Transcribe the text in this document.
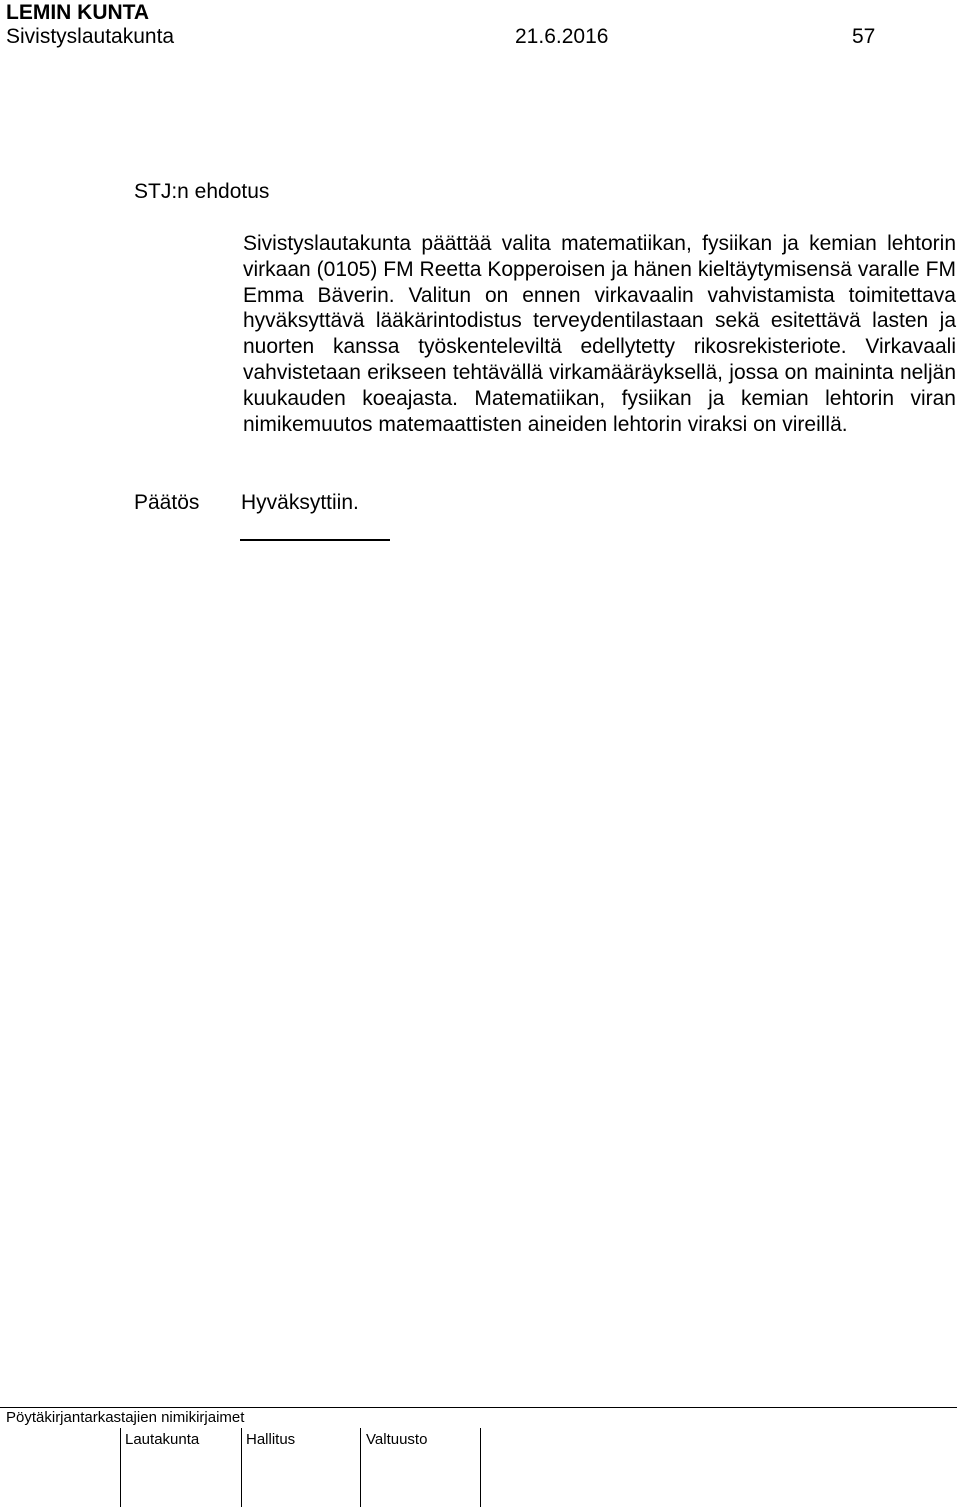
LEMIN KUNTA
Sivistyslautakunta	21.6.2016	57
STJ:n ehdotus
Sivistyslautakunta päättää valita matematiikan, fysiikan ja kemian lehtorin virkaan (0105) FM Reetta Kopperoisen ja hänen kieltäytymisensä varalle FM Emma Bäverin. Valitun on ennen virkavaalin vahvistamista toimitettava hyväksyttävä lääkärintodistus terveydentilastaan sekä esitettävä lasten ja nuorten kanssa työskenteleviltä edellytetty rikosrekisteriote. Virkavaali vahvistetaan erikseen tehtävällä virkamääräyksellä, jossa on maininta neljän kuukauden koeajasta. Matematiikan, fysiikan ja kemian lehtorin viran nimikemuutos matemaattisten aineiden lehtorin viraksi on vireillä.
Päätös Hyväksyttiin.
Pöytäkirjantarkastajien nimikirjaimet
Lautakunta	Hallitus	Valtuusto
